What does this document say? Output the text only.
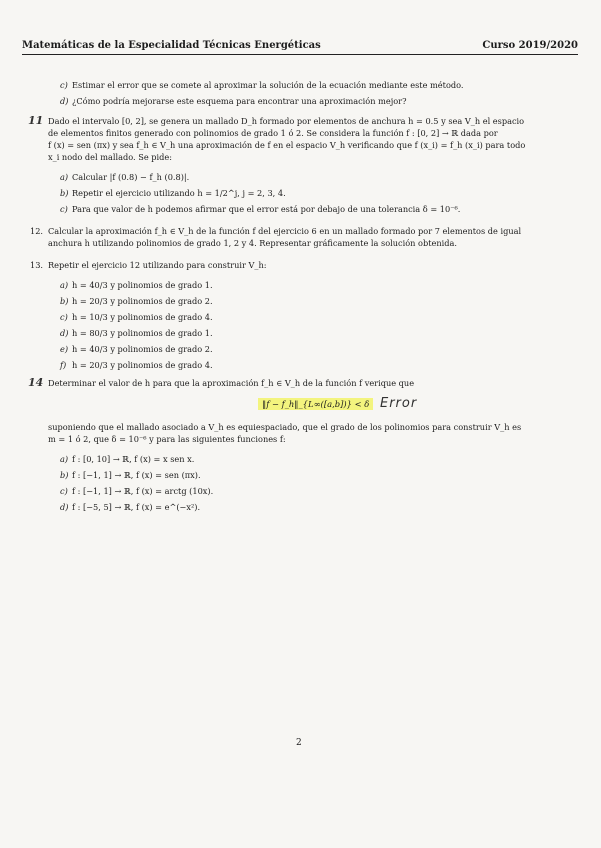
Matemáticas de la Especialidad Técnicas Energéticas	Curso 2019/2020
c) Estimar el error que se comete al aproximar la solución de la ecuación mediante este método.
d) ¿Cómo podría mejorarse este esquema para encontrar una aproximación mejor?
11 Dado el intervalo [0, 2], se genera un mallado D_h formado por elementos de anchura h = 0.5 y sea V_h el espacio
de elementos finitos generado con polinomios de grado 1 ó 2. Se considera la función f : [0, 2] → ℝ dada por
f (x) = sen (πx) y sea f_h ∈ V_h una aproximación de f en el espacio V_h verificando que f (x_i) = f_h (x_i) para todo
x_i nodo del mallado. Se pide:
a) Calcular |f (0.8) − f_h (0.8)|.
b) Repetir el ejercicio utilizando h = 1/2^j, j = 2, 3, 4.
c) Para que valor de h podemos afirmar que el error está por debajo de una tolerancia δ = 10⁻⁶.
12. Calcular la aproximación f_h ∈ V_h de la función f del ejercicio 6 en un mallado formado por 7 elementos de igual
anchura h utilizando polinomios de grado 1, 2 y 4. Representar gráficamente la solución obtenida.
13. Repetir el ejercicio 12 utilizando para construir V_h:
a) h = 40/3 y polinomios de grado 1.
b) h = 20/3 y polinomios de grado 2.
c) h = 10/3 y polinomios de grado 4.
d) h = 80/3 y polinomios de grado 1.
e) h = 40/3 y polinomios de grado 2.
f) h = 20/3 y polinomios de grado 4.
14 Determinar el valor de h para que la aproximación f_h ∈ V_h de la función f verique que
‖f − f_h‖_{L∞([a,b])} < δ Error
suponiendo que el mallado asociado a V_h es equiespaciado, que el grado de los polinomios para construir V_h es
m = 1 ó 2, que δ = 10⁻⁶ y para las siguientes funciones f:
a) f : [0, 10] → ℝ, f (x) = x sen x.
b) f : [−1, 1] → ℝ, f (x) = sen (πx).
c) f : [−1, 1] → ℝ, f (x) = arctg (10x).
d) f : [−5, 5] → ℝ, f (x) = e^(−x²).
2
